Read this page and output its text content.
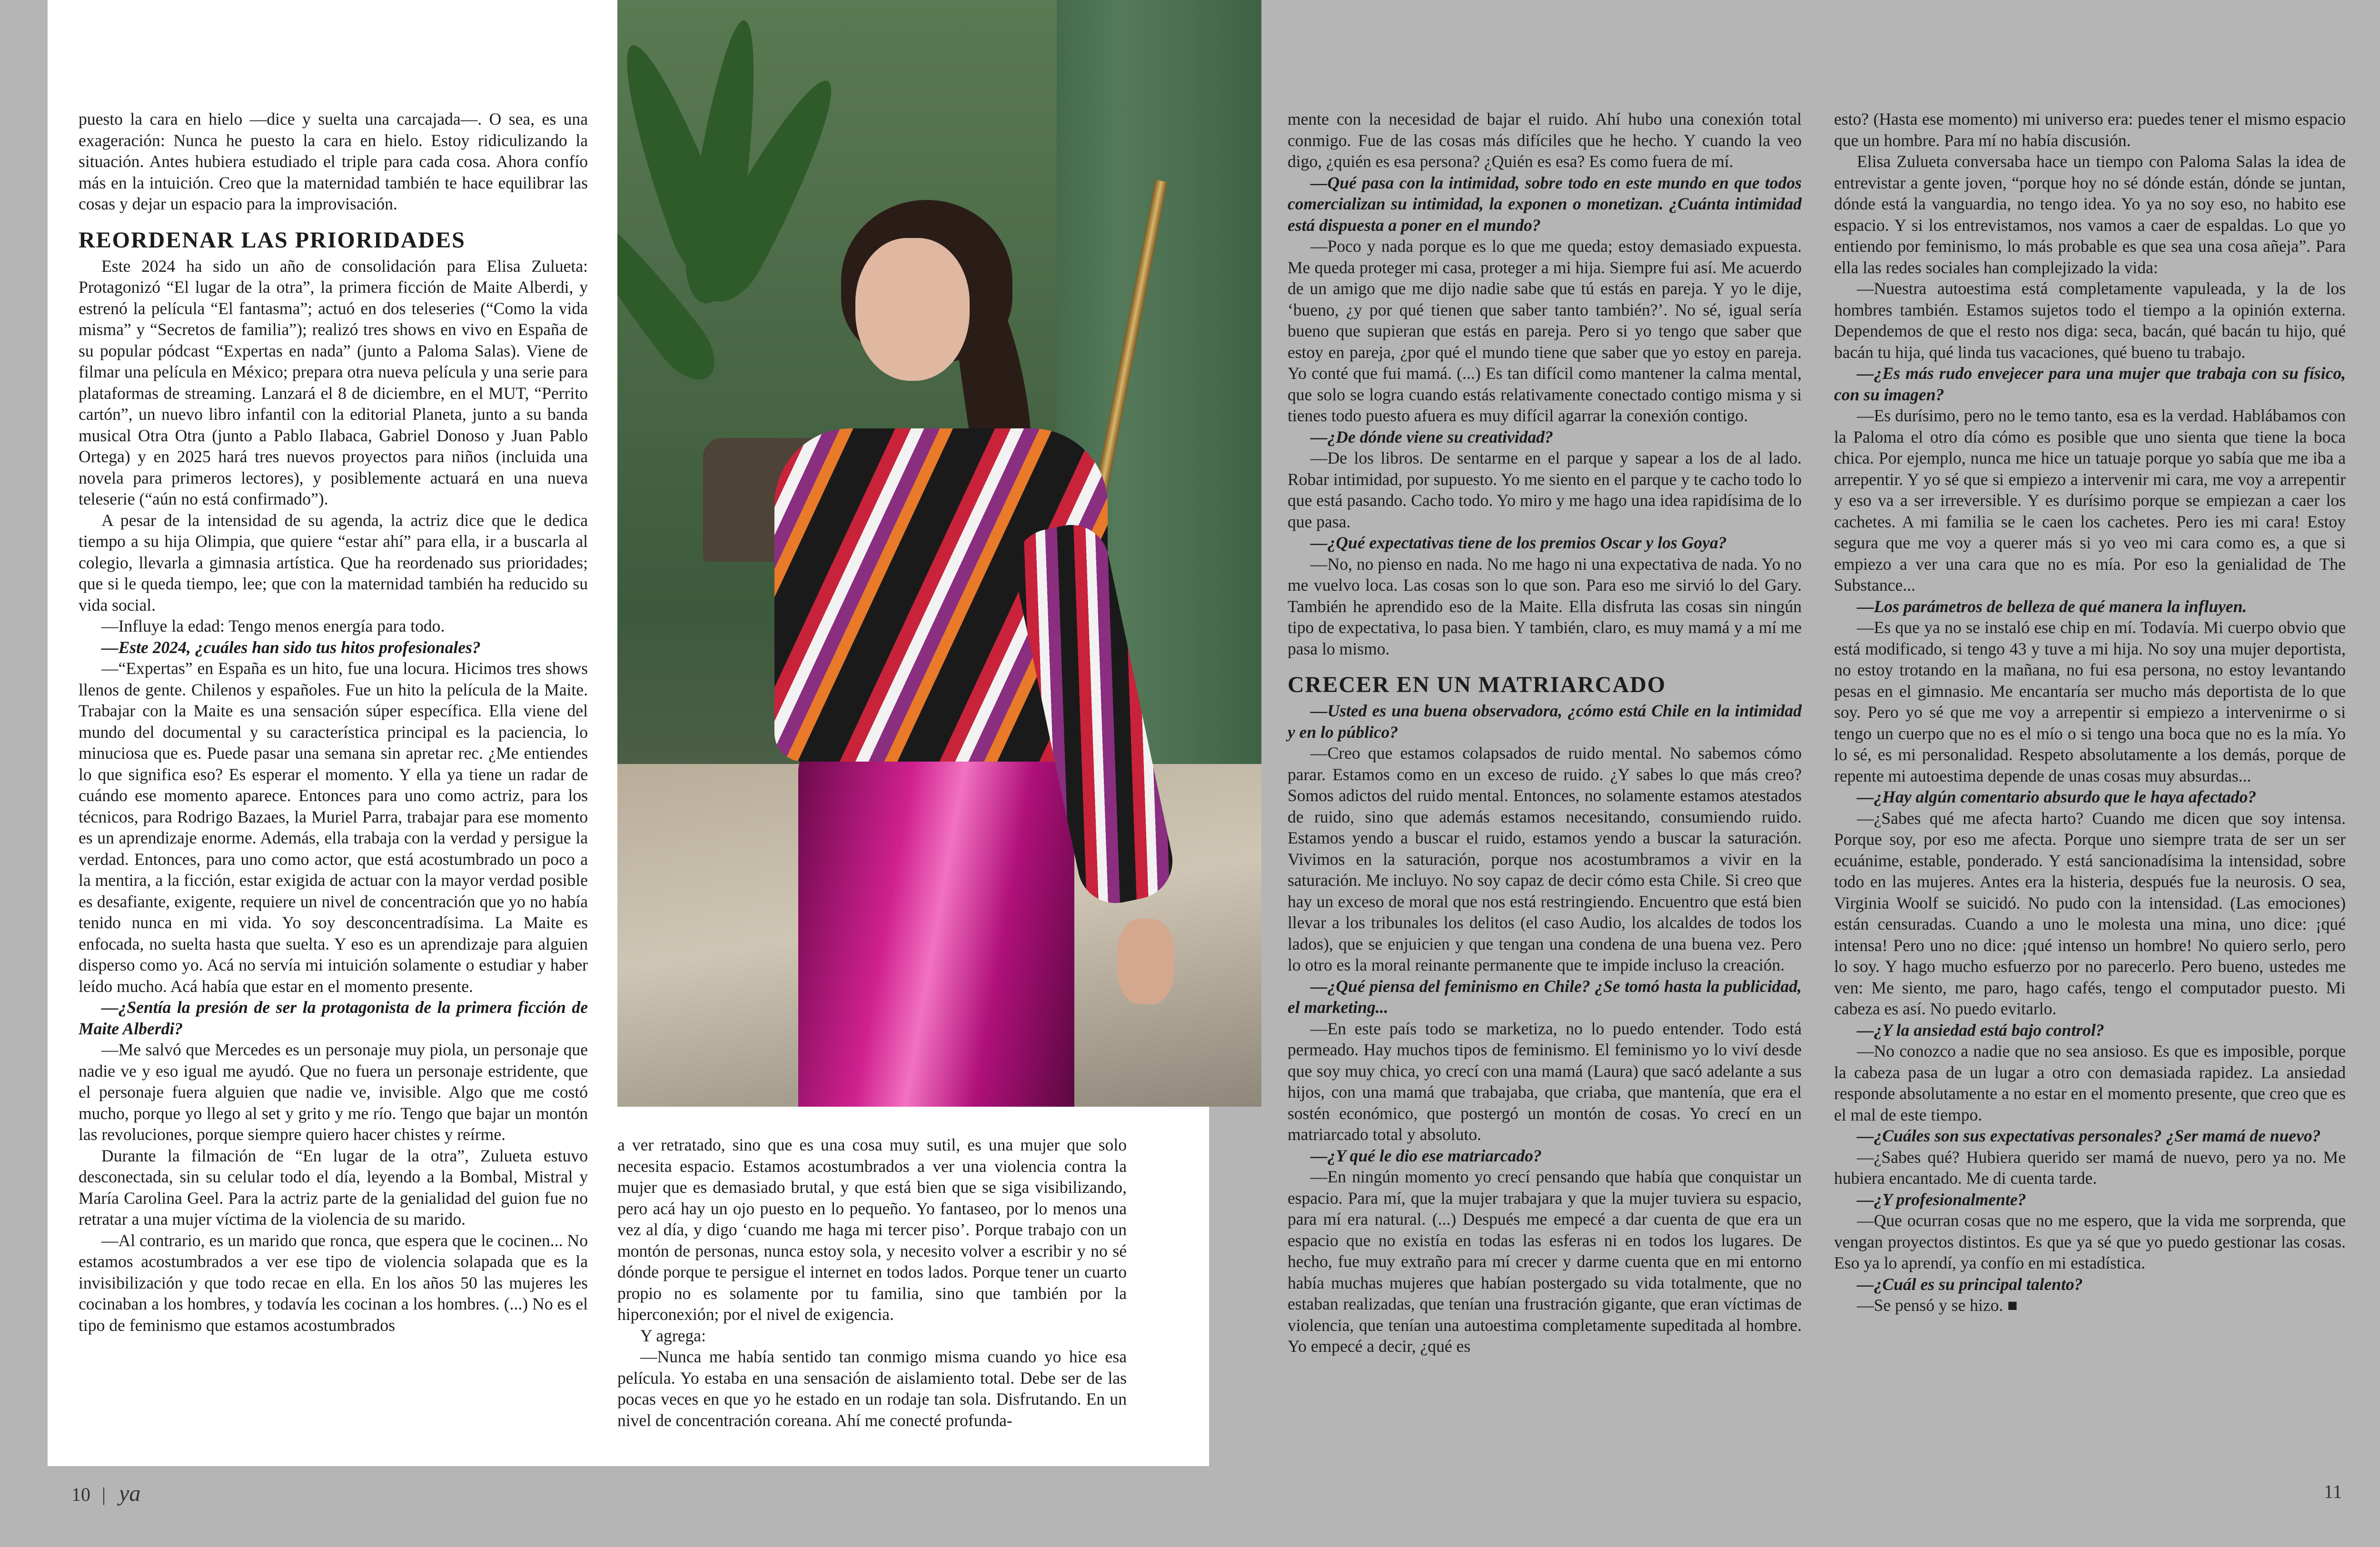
puesto la cara en hielo —dice y suelta una carcajada—. O sea, es una exageración: Nunca he puesto la cara en hielo. Estoy ridiculizando la situación. Antes hubiera estudiado el triple para cada cosa. Ahora confío más en la intuición. Creo que la maternidad también te hace equilibrar las cosas y dejar un espacio para la improvisación.

REORDENAR LAS PRIORIDADES

Este 2024 ha sido un año de consolidación para Elisa Zulueta: Protagonizó “El lugar de la otra”, la primera ficción de Maite Alberdi, y estrenó la película “El fantasma”; actuó en dos teleseries (“Como la vida misma” y “Secretos de familia”); realizó tres shows en vivo en España de su popular pódcast “Expertas en nada” (junto a Paloma Salas). Viene de filmar una película en México; prepara otra nueva película y una serie para plataformas de streaming. Lanzará el 8 de diciembre, en el MUT, “Perrito cartón”, un nuevo libro infantil con la editorial Planeta, junto a su banda musical Otra Otra (junto a Pablo Ilabaca, Gabriel Donoso y Juan Pablo Ortega) y en 2025 hará tres nuevos proyectos para niños (incluida una novela para primeros lectores), y posiblemente actuará en una nueva teleserie (“aún no está confirmado”).

A pesar de la intensidad de su agenda, la actriz dice que le dedica tiempo a su hija Olimpia, que quiere “estar ahí” para ella, ir a buscarla al colegio, llevarla a gimnasia artística. Que ha reordenado sus prioridades; que si le queda tiempo, lee; que con la maternidad también ha reducido su vida social.

—Influye la edad: Tengo menos energía para todo.

—Este 2024, ¿cuáles han sido tus hitos profesionales?

—“Expertas” en España es un hito, fue una locura. Hicimos tres shows llenos de gente. Chilenos y españoles. Fue un hito la película de la Maite. Trabajar con la Maite es una sensación súper específica. Ella viene del mundo del documental y su característica principal es la paciencia, lo minuciosa que es. Puede pasar una semana sin apretar rec. ¿Me entiendes lo que significa eso? Es esperar el momento. Y ella ya tiene un radar de cuándo ese momento aparece. Entonces para uno como actriz, para los técnicos, para Rodrigo Bazaes, la Muriel Parra, trabajar para ese momento es un aprendizaje enorme. Además, ella trabaja con la verdad y persigue la verdad. Entonces, para uno como actor, que está acostumbrado un poco a la mentira, a la ficción, estar exigida de actuar con la mayor verdad posible es desafiante, exigente, requiere un nivel de concentración que yo no había tenido nunca en mi vida. Yo soy desconcentradísima. La Maite es enfocada, no suelta hasta que suelta. Y eso es un aprendizaje para alguien disperso como yo. Acá no servía mi intuición solamente o estudiar y haber leído mucho. Acá había que estar en el momento presente.

—¿Sentía la presión de ser la protagonista de la primera ficción de Maite Alberdi?

—Me salvó que Mercedes es un personaje muy piola, un personaje que nadie ve y eso igual me ayudó. Que no fuera un personaje estridente, que el personaje fuera alguien que nadie ve, invisible. Algo que me costó mucho, porque yo llego al set y grito y me río. Tengo que bajar un montón las revoluciones, porque siempre quiero hacer chistes y reírme.

Durante la filmación de “En lugar de la otra”, Zulueta estuvo desconectada, sin su celular todo el día, leyendo a la Bombal, Mistral y María Carolina Geel. Para la actriz parte de la genialidad del guion fue no retratar a una mujer víctima de la violencia de su marido.

—Al contrario, es un marido que ronca, que espera que le cocinen... No estamos acostumbrados a ver ese tipo de violencia solapada que es la invisibilización y que todo recae en ella. En los años 50 las mujeres les cocinaban a los hombres, y todavía les cocinan a los hombres. (...) No es el tipo de feminismo que estamos acostumbrados

a ver retratado, sino que es una cosa muy sutil, es una mujer que solo necesita espacio. Estamos acostumbrados a ver una violencia contra la mujer que es demasiado brutal, y que está bien que se siga visibilizando, pero acá hay un ojo puesto en lo pequeño. Yo fantaseo, por lo menos una vez al día, y digo ‘cuando me haga mi tercer piso’. Porque trabajo con un montón de personas, nunca estoy sola, y necesito volver a escribir y no sé dónde porque te persigue el internet en todos lados. Porque tener un cuarto propio no es solamente por tu familia, sino que también por la hiperconexión; por el nivel de exigencia.

Y agrega:

—Nunca me había sentido tan conmigo misma cuando yo hice esa película. Yo estaba en una sensación de aislamiento total. Debe ser de las pocas veces en que yo he estado en un rodaje tan sola. Disfrutando. En un nivel de concentración coreana. Ahí me conecté profunda-

mente con la necesidad de bajar el ruido. Ahí hubo una conexión total conmigo. Fue de las cosas más difíciles que he hecho. Y cuando la veo digo, ¿quién es esa persona? ¿Quién es esa? Es como fuera de mí.

—Qué pasa con la intimidad, sobre todo en este mundo en que todos comercializan su intimidad, la exponen o monetizan. ¿Cuánta intimidad está dispuesta a poner en el mundo?

—Poco y nada porque es lo que me queda; estoy demasiado expuesta. Me queda proteger mi casa, proteger a mi hija. Siempre fui así. Me acuerdo de un amigo que me dijo nadie sabe que tú estás en pareja. Y yo le dije, ‘bueno, ¿y por qué tienen que saber tanto también?’. No sé, igual sería bueno que supieran que estás en pareja. Pero si yo tengo que saber que estoy en pareja, ¿por qué el mundo tiene que saber que yo estoy en pareja. Yo conté que fui mamá. (...) Es tan difícil como mantener la calma mental, que solo se logra cuando estás relativamente conectado contigo misma y si tienes todo puesto afuera es muy difícil agarrar la conexión contigo.

—¿De dónde viene su creatividad?

—De los libros. De sentarme en el parque y sapear a los de al lado. Robar intimidad, por supuesto. Yo me siento en el parque y te cacho todo lo que está pasando. Cacho todo. Yo miro y me hago una idea rapidísima de lo que pasa.

—¿Qué expectativas tiene de los premios Oscar y los Goya?

—No, no pienso en nada. No me hago ni una expectativa de nada. Yo no me vuelvo loca. Las cosas son lo que son. Para eso me sirvió lo del Gary. También he aprendido eso de la Maite. Ella disfruta las cosas sin ningún tipo de expectativa, lo pasa bien. Y también, claro, es muy mamá y a mí me pasa lo mismo.

CRECER EN UN MATRIARCADO

—Usted es una buena observadora, ¿cómo está Chile en la intimidad y en lo público?

—Creo que estamos colapsados de ruido mental. No sabemos cómo parar. Estamos como en un exceso de ruido. ¿Y sabes lo que más creo? Somos adictos del ruido mental. Entonces, no solamente estamos atestados de ruido, sino que además estamos necesitando, consumiendo ruido. Estamos yendo a buscar el ruido, estamos yendo a buscar la saturación. Vivimos en la saturación, porque nos acostumbramos a vivir en la saturación. Me incluyo. No soy capaz de decir cómo esta Chile. Si creo que hay un exceso de moral que nos está restringiendo. Encuentro que está bien llevar a los tribunales los delitos (el caso Audio, los alcaldes de todos los lados), que se enjuicien y que tengan una condena de una buena vez. Pero lo otro es la moral reinante permanente que te impide incluso la creación.

—¿Qué piensa del feminismo en Chile? ¿Se tomó hasta la publicidad, el marketing...

—En este país todo se marketiza, no lo puedo entender. Todo está permeado. Hay muchos tipos de feminismo. El feminismo yo lo viví desde que soy muy chica, yo crecí con una mamá (Laura) que sacó adelante a sus hijos, con una mamá que trabajaba, que criaba, que mantenía, que era el sostén económico, que postergó un montón de cosas. Yo crecí en un matriarcado total y absoluto.

—¿Y qué le dio ese matriarcado?

—En ningún momento yo crecí pensando que había que conquistar un espacio. Para mí, que la mujer trabajara y que la mujer tuviera su espacio, para mí era natural. (...) Después me empecé a dar cuenta de que era un espacio que no existía en todas las esferas ni en todos los lugares. De hecho, fue muy extraño para mí crecer y darme cuenta que en mi entorno había muchas mujeres que habían postergado su vida totalmente, que no estaban realizadas, que tenían una frustración gigante, que eran víctimas de violencia, que tenían una autoestima completamente supeditada al hombre. Yo empecé a decir, ¿qué es

esto? (Hasta ese momento) mi universo era: puedes tener el mismo espacio que un hombre. Para mí no había discusión.

Elisa Zulueta conversaba hace un tiempo con Paloma Salas la idea de entrevistar a gente joven, “porque hoy no sé dónde están, dónde se juntan, dónde está la vanguardia, no tengo idea. Yo ya no soy eso, no habito ese espacio. Y si los entrevistamos, nos vamos a caer de espaldas. Lo que yo entiendo por feminismo, lo más probable es que sea una cosa añeja”. Para ella las redes sociales han complejizado la vida:

—Nuestra autoestima está completamente vapuleada, y la de los hombres también. Estamos sujetos todo el tiempo a la opinión externa. Dependemos de que el resto nos diga: seca, bacán, qué bacán tu hijo, qué bacán tu hija, qué linda tus vacaciones, qué bueno tu trabajo.

—¿Es más rudo envejecer para una mujer que trabaja con su físico, con su imagen?

—Es durísimo, pero no le temo tanto, esa es la verdad. Hablábamos con la Paloma el otro día cómo es posible que uno sienta que tiene la boca chica. Por ejemplo, nunca me hice un tatuaje porque yo sabía que me iba a arrepentir. Y yo sé que si empiezo a intervenir mi cara, me voy a arrepentir y eso va a ser irreversible. Y es durísimo porque se empiezan a caer los cachetes. A mi familia se le caen los cachetes. Pero ies mi cara! Estoy segura que me voy a querer más si yo veo mi cara como es, a que si empiezo a ver una cara que no es mía. Por eso la genialidad de The Substance...

—Los parámetros de belleza de qué manera la influyen.

—Es que ya no se instaló ese chip en mí. Todavía. Mi cuerpo obvio que está modificado, si tengo 43 y tuve a mi hija. No soy una mujer deportista, no estoy trotando en la mañana, no fui esa persona, no estoy levantando pesas en el gimnasio. Me encantaría ser mucho más deportista de lo que soy. Pero yo sé que me voy a arrepentir si empiezo a intervenirme o si tengo un cuerpo que no es el mío o si tengo una boca que no es la mía. Yo lo sé, es mi personalidad. Respeto absolutamente a los demás, porque de repente mi autoestima depende de unas cosas muy absurdas...

—¿Hay algún comentario absurdo que le haya afectado?

—¿Sabes qué me afecta harto? Cuando me dicen que soy intensa. Porque soy, por eso me afecta. Porque uno siempre trata de ser un ser ecuánime, estable, ponderado. Y está sancionadísima la intensidad, sobre todo en las mujeres. Antes era la histeria, después fue la neurosis. O sea, Virginia Woolf se suicidó. No pudo con la intensidad. (Las emociones) están censuradas. Cuando a uno le molesta una mina, uno dice: ¡qué intensa! Pero uno no dice: ¡qué intenso un hombre! No quiero serlo, pero lo soy. Y hago mucho esfuerzo por no parecerlo. Pero bueno, ustedes me ven: Me siento, me paro, hago cafés, tengo el computador puesto. Mi cabeza es así. No puedo evitarlo.

—¿Y la ansiedad está bajo control?

—No conozco a nadie que no sea ansioso. Es que es imposible, porque la cabeza pasa de un lugar a otro con demasiada rapidez. La ansiedad responde absolutamente a no estar en el momento presente, que creo que es el mal de este tiempo.

—¿Cuáles son sus expectativas personales? ¿Ser mamá de nuevo?

—¿Sabes qué? Hubiera querido ser mamá de nuevo, pero ya no. Me hubiera encantado. Me di cuenta tarde.

—¿Y profesionalmente?

—Que ocurran cosas que no me espero, que la vida me sorprenda, que vengan proyectos distintos. Es que ya sé que yo puedo gestionar las cosas. Eso ya lo aprendí, ya confío en mi estadística.

—¿Cuál es su principal talento?

—Se pensó y se hizo. ■

10 | ya	11
